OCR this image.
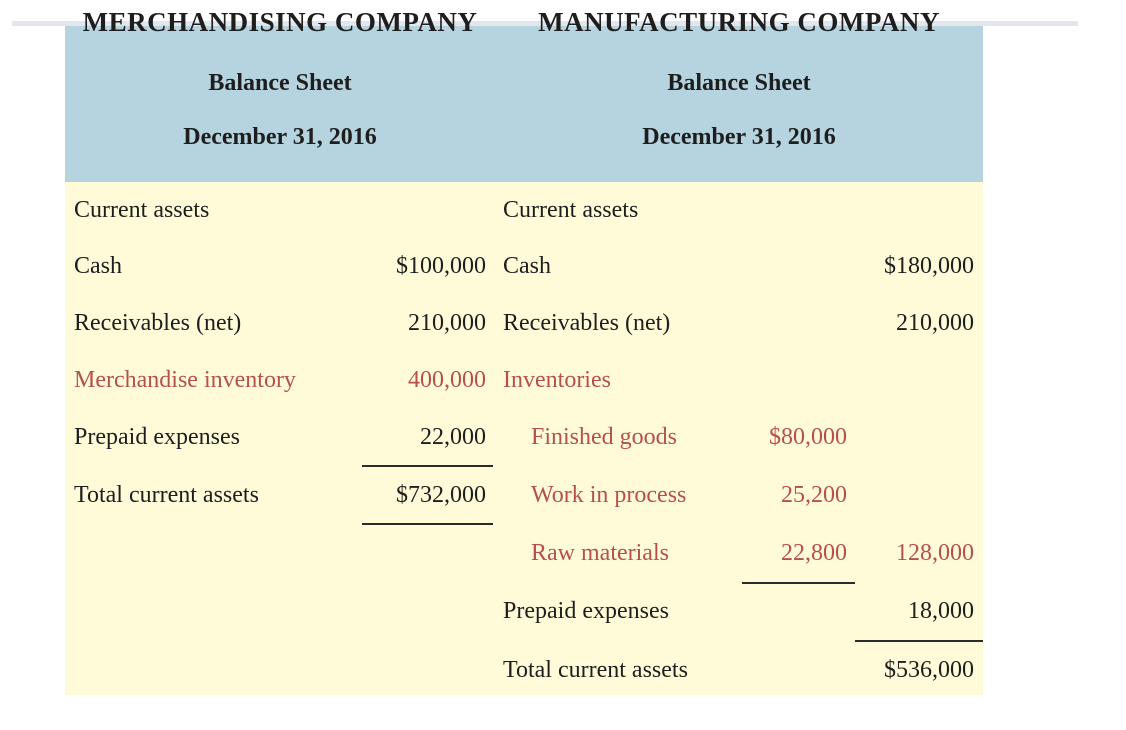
MERCHANDISING COMPANY
Balance Sheet
December 31, 2016
MANUFACTURING COMPANY
Balance Sheet
December 31, 2016
Current assets
Cash	$100,000
Receivables (net)	210,000
Merchandise inventory	400,000
Prepaid expenses	22,000
Total current assets	$732,000
Current assets
Cash	$180,000
Receivables (net)	210,000
Inventories
Finished goods	$80,000
Work in process	25,200
Raw materials	22,800	128,000
Prepaid expenses	18,000
Total current assets	$536,000
